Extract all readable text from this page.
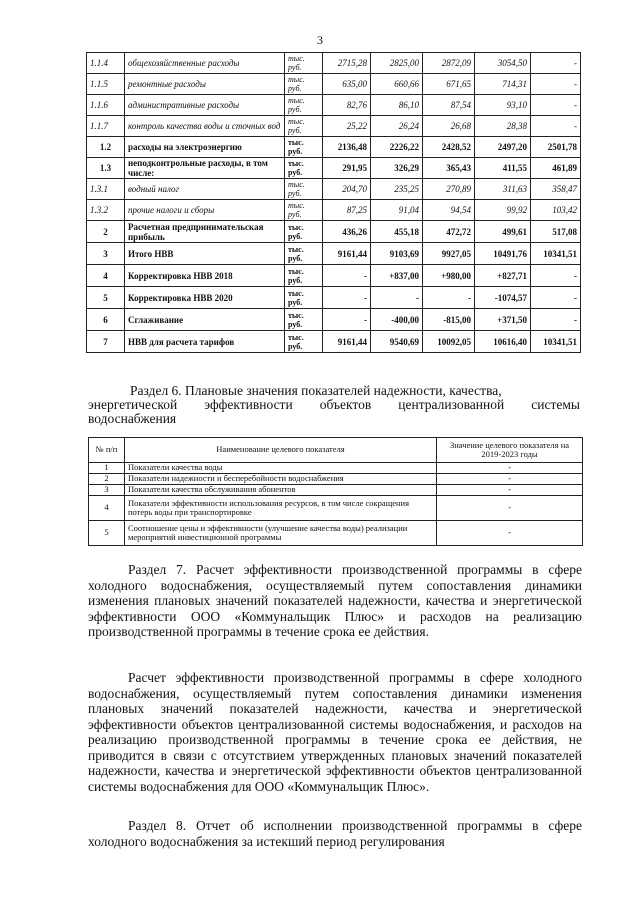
3
1.1.4	общехозяйственные расходы	тыс. руб.	2715,28	2825,00	2872,09	3054,50	-
1.1.5	ремонтные расходы	тыс. руб.	635,00	660,66	671,65	714,31	-
1.1.6	административные расходы	тыс. руб.	82,76	86,10	87,54	93,10	-
1.1.7	контроль качества воды и сточных вод	тыс. руб.	25,22	26,24	26,68	28,38	-
1.2	расходы на электроэнергию	тыс. руб.	2136,48	2226,22	2428,52	2497,20	2501,78
1.3	неподконтрольные расходы, в том числе:	тыс. руб.	291,95	326,29	365,43	411,55	461,89
1.3.1	водный налог	тыс. руб.	204,70	235,25	270,89	311,63	358,47
1.3.2	прочие налоги и сборы	тыс. руб.	87,25	91,04	94,54	99,92	103,42
2	Расчетная предпринимательская прибыль	тыс. руб.	436,26	455,18	472,72	499,61	517,08
3	Итого НВВ	тыс. руб.	9161,44	9103,69	9927,05	10491,76	10341,51
4	Корректировка НВВ 2018	тыс. руб.	-	+837,00	+980,00	+827,71	-
5	Корректировка НВВ 2020	тыс. руб.	-	-	-	-1074,57	-
6	Сглаживание	тыс. руб.	-	-400,00	-815,00	+371,50	-
7	НВВ для расчета тарифов	тыс. руб.	9161,44	9540,69	10092,05	10616,40	10341,51
Раздел 6. Плановые значения показателей надежности, качества,
энергетической эффективности объектов централизованной системы
водоснабжения
№ п/п	Наименование целевого показателя	Значение целевого показателя на 2019-2023 годы
1	Показатели качества воды	-
2	Показатели надежности и бесперебойности водоснабжения	-
3	Показатели качества обслуживания абонентов	-
4	Показатели эффективности использования ресурсов, в том числе сокращения потерь воды при транспортировке	-
5	Соотношение цены и эффективности (улучшение качества воды) реализации мероприятий инвестиционной программы	-
Раздел 7. Расчет эффективности производственной программы в сфере холодного водоснабжения, осуществляемый путем сопоставления динамики изменения плановых значений показателей надежности, качества и энергетической эффективности ООО «Коммунальщик Плюс» и расходов на реализацию производственной программы в течение срока ее действия.
Расчет эффективности производственной программы в сфере холодного водоснабжения, осуществляемый путем сопоставления динамики изменения плановых значений показателей надежности, качества и энергетической эффективности объектов централизованной системы водоснабжения, и расходов на реализацию производственной программы в течение срока ее действия, не приводится в связи с отсутствием утвержденных плановых значений показателей надежности, качества и энергетической эффективности объектов централизованной системы водоснабжения для ООО «Коммунальщик Плюс».
Раздел 8. Отчет об исполнении производственной программы в сфере холодного водоснабжения за истекший период регулирования
